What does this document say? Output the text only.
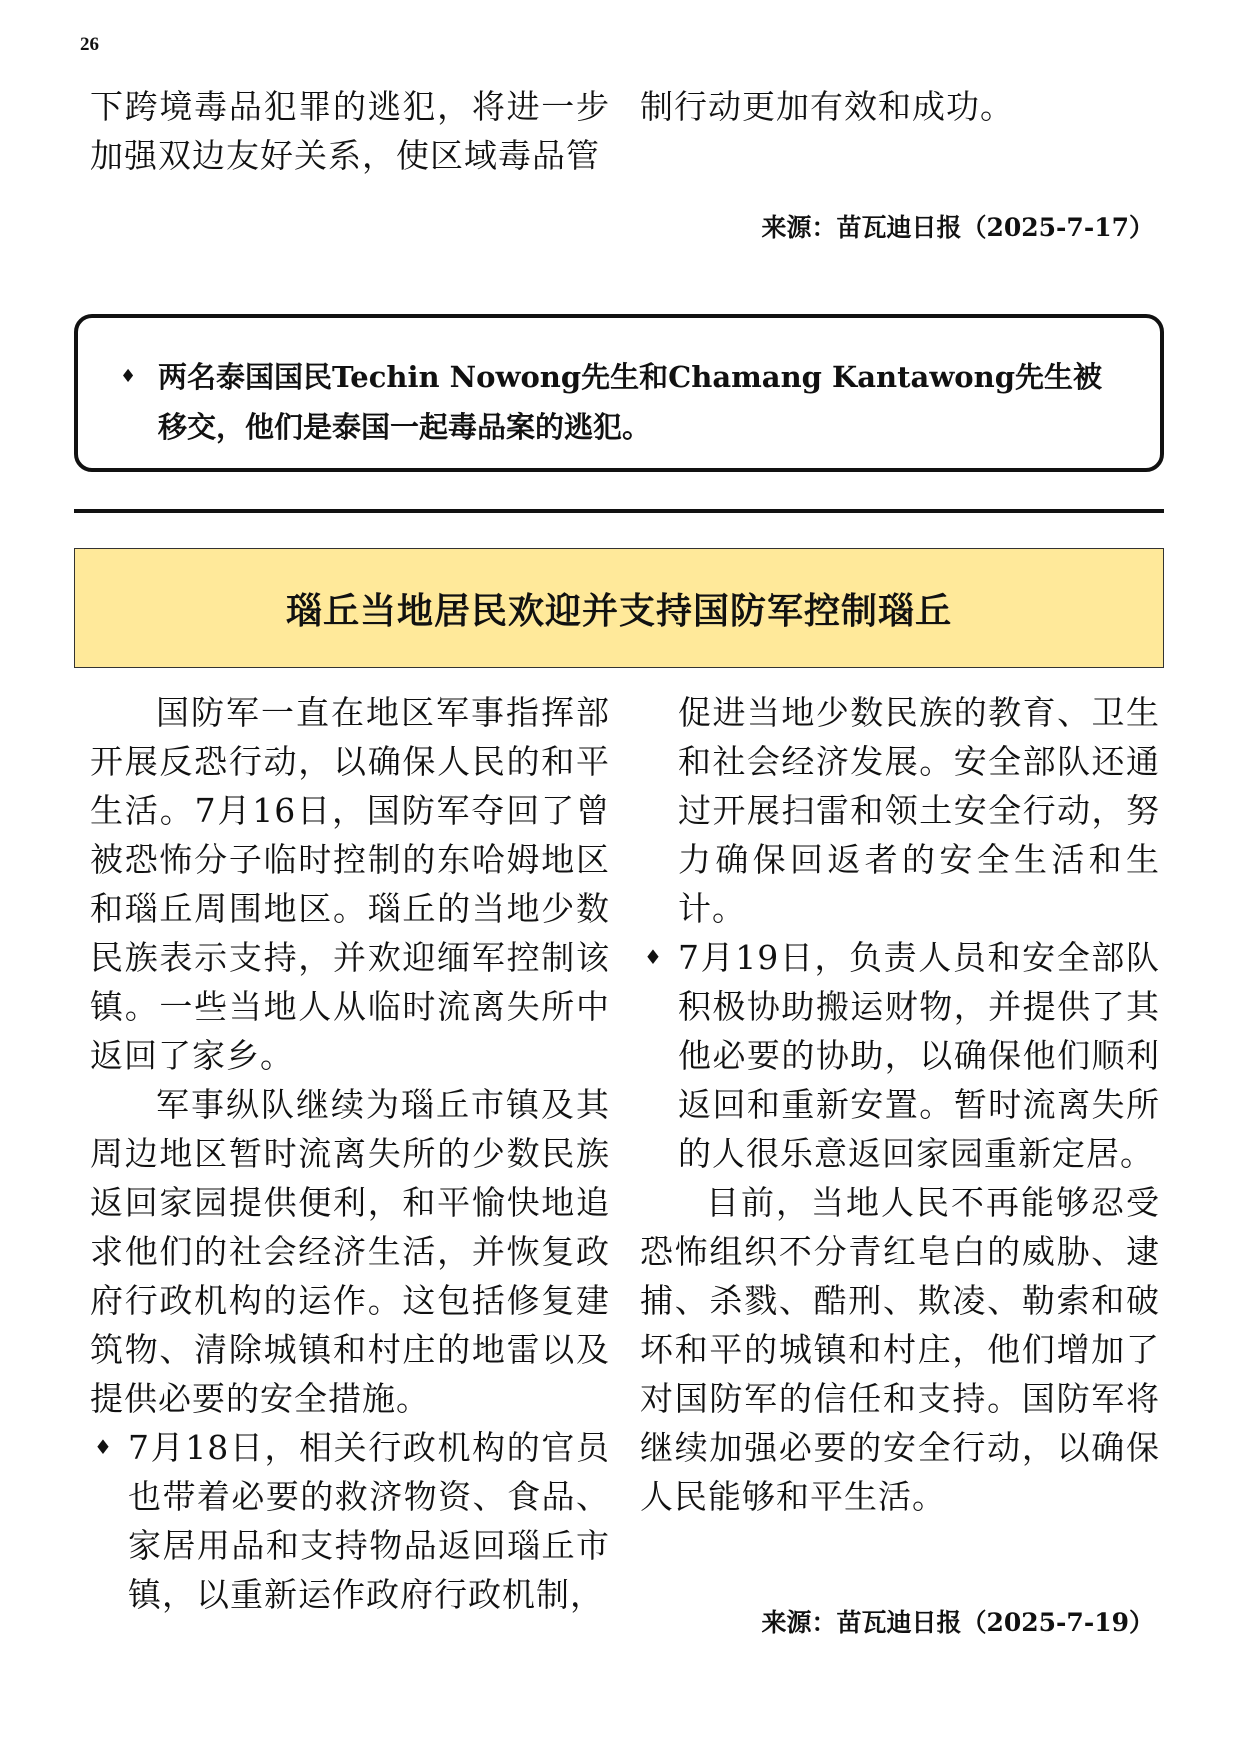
26

下跨境毒品犯罪的逃犯，将进一步加强双边友好关系，使区域毒品管

制行动更加有效和成功。

来源：苗瓦迪日报（2025-7-17）
♦ 两名泰国国民Techin Nowong先生和Chamang Kantawong先生被移交，他们是泰国一起毒品案的逃犯。
瑙丘当地居民欢迎并支持国防军控制瑙丘

国防军一直在地区军事指挥部开展反恐行动，以确保人民的和平生活。7月16日，国防军夺回了曾被恐怖分子临时控制的东哈姆地区和瑙丘周围地区。瑙丘的当地少数民族表示支持，并欢迎缅军控制该镇。一些当地人从临时流离失所中返回了家乡。

军事纵队继续为瑙丘市镇及其周边地区暂时流离失所的少数民族返回家园提供便利，和平愉快地追求他们的社会经济生活，并恢复政府行政机构的运作。这包括修复建筑物、清除城镇和村庄的地雷以及提供必要的安全措施。

♦ 7月18日，相关行政机构的官员也带着必要的救济物资、食品、家居用品和支持物品返回瑙丘市镇，以重新运作政府行政机制，

促进当地少数民族的教育、卫生和社会经济发展。安全部队还通过开展扫雷和领土安全行动，努力确保回返者的安全生活和生计。

♦ 7月19日，负责人员和安全部队积极协助搬运财物，并提供了其他必要的协助，以确保他们顺利返回和重新安置。暂时流离失所的人很乐意返回家园重新定居。

目前，当地人民不再能够忍受恐怖组织不分青红皂白的威胁、逮捕、杀戮、酷刑、欺凌、勒索和破坏和平的城镇和村庄，他们增加了对国防军的信任和支持。国防军将继续加强必要的安全行动，以确保人民能够和平生活。

来源：苗瓦迪日报（2025-7-19）
